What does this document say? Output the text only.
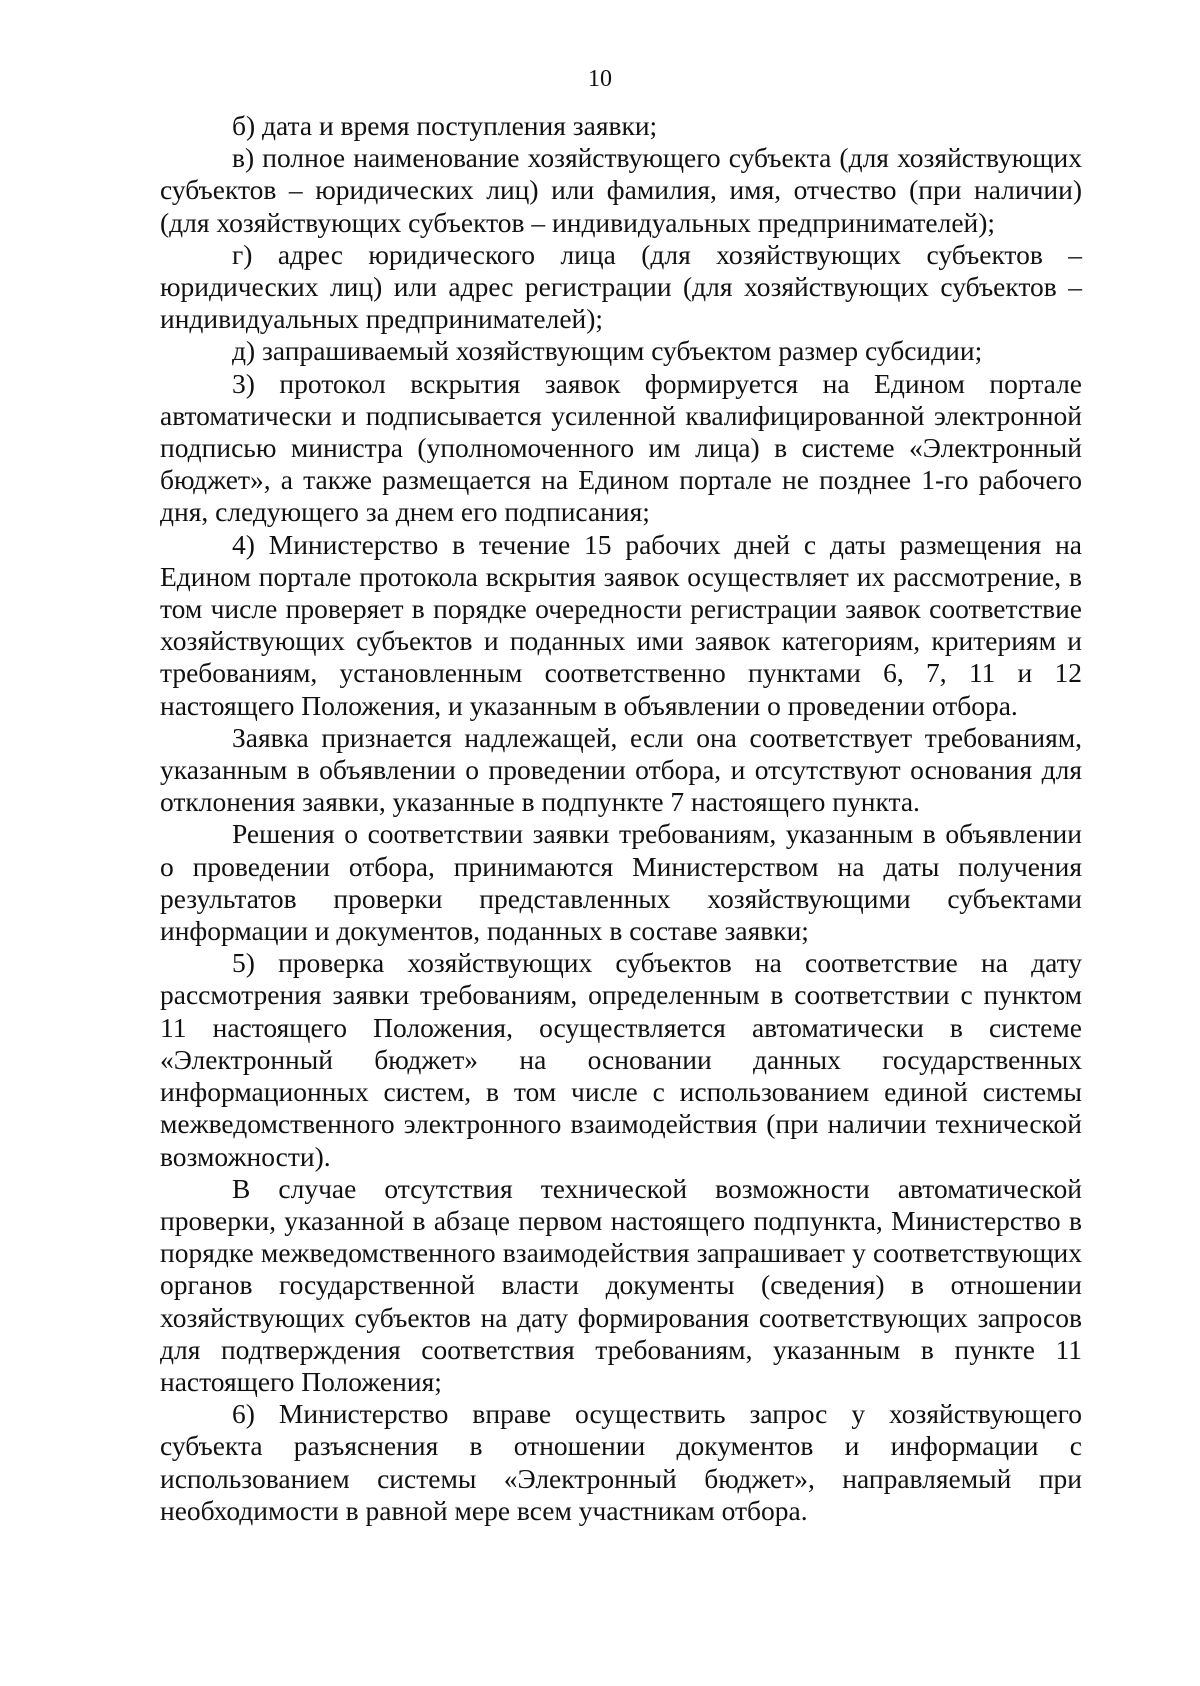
10

б) дата и время поступления заявки;

в) полное наименование хозяйствующего субъекта (для хозяйствующих субъектов – юридических лиц) или фамилия, имя, отчество (при наличии) (для хозяйствующих субъектов – индивидуальных предпринимателей);

г) адрес юридического лица (для хозяйствующих субъектов – юридических лиц) или адрес регистрации (для хозяйствующих субъектов – индивидуальных предпринимателей);

д) запрашиваемый хозяйствующим субъектом размер субсидии;

3) протокол вскрытия заявок формируется на Едином портале автоматически и подписывается усиленной квалифицированной электронной подписью министра (уполномоченного им лица) в системе «Электронный бюджет», а также размещается на Едином портале не позднее 1-го рабочего дня, следующего за днем его подписания;

4) Министерство в течение 15 рабочих дней с даты размещения на Едином портале протокола вскрытия заявок осуществляет их рассмотрение, в том числе проверяет в порядке очередности регистрации заявок соответствие хозяйствующих субъектов и поданных ими заявок категориям, критериям и требованиям, установленным соответственно пунктами 6, 7, 11 и 12 настоящего Положения, и указанным в объявлении о проведении отбора.

Заявка признается надлежащей, если она соответствует требованиям, указанным в объявлении о проведении отбора, и отсутствуют основания для отклонения заявки, указанные в подпункте 7 настоящего пункта.

Решения о соответствии заявки требованиям, указанным в объявлении о проведении отбора, принимаются Министерством на даты получения результатов проверки представленных хозяйствующими субъектами информации и документов, поданных в составе заявки;

5) проверка хозяйствующих субъектов на соответствие на дату рассмотрения заявки требованиям, определенным в соответствии с пунктом 11 настоящего Положения, осуществляется автоматически в системе «Электронный бюджет» на основании данных государственных информационных систем, в том числе с использованием единой системы межведомственного электронного взаимодействия (при наличии технической возможности).

В случае отсутствия технической возможности автоматической проверки, указанной в абзаце первом настоящего подпункта, Министерство в порядке межведомственного взаимодействия запрашивает у соответствующих органов государственной власти документы (сведения) в отношении хозяйствующих субъектов на дату формирования соответствующих запросов для подтверждения соответствия требованиям, указанным в пункте 11 настоящего Положения;

6) Министерство вправе осуществить запрос у хозяйствующего субъекта разъяснения в отношении документов и информации с использованием системы «Электронный бюджет», направляемый при необходимости в равной мере всем участникам отбора.
